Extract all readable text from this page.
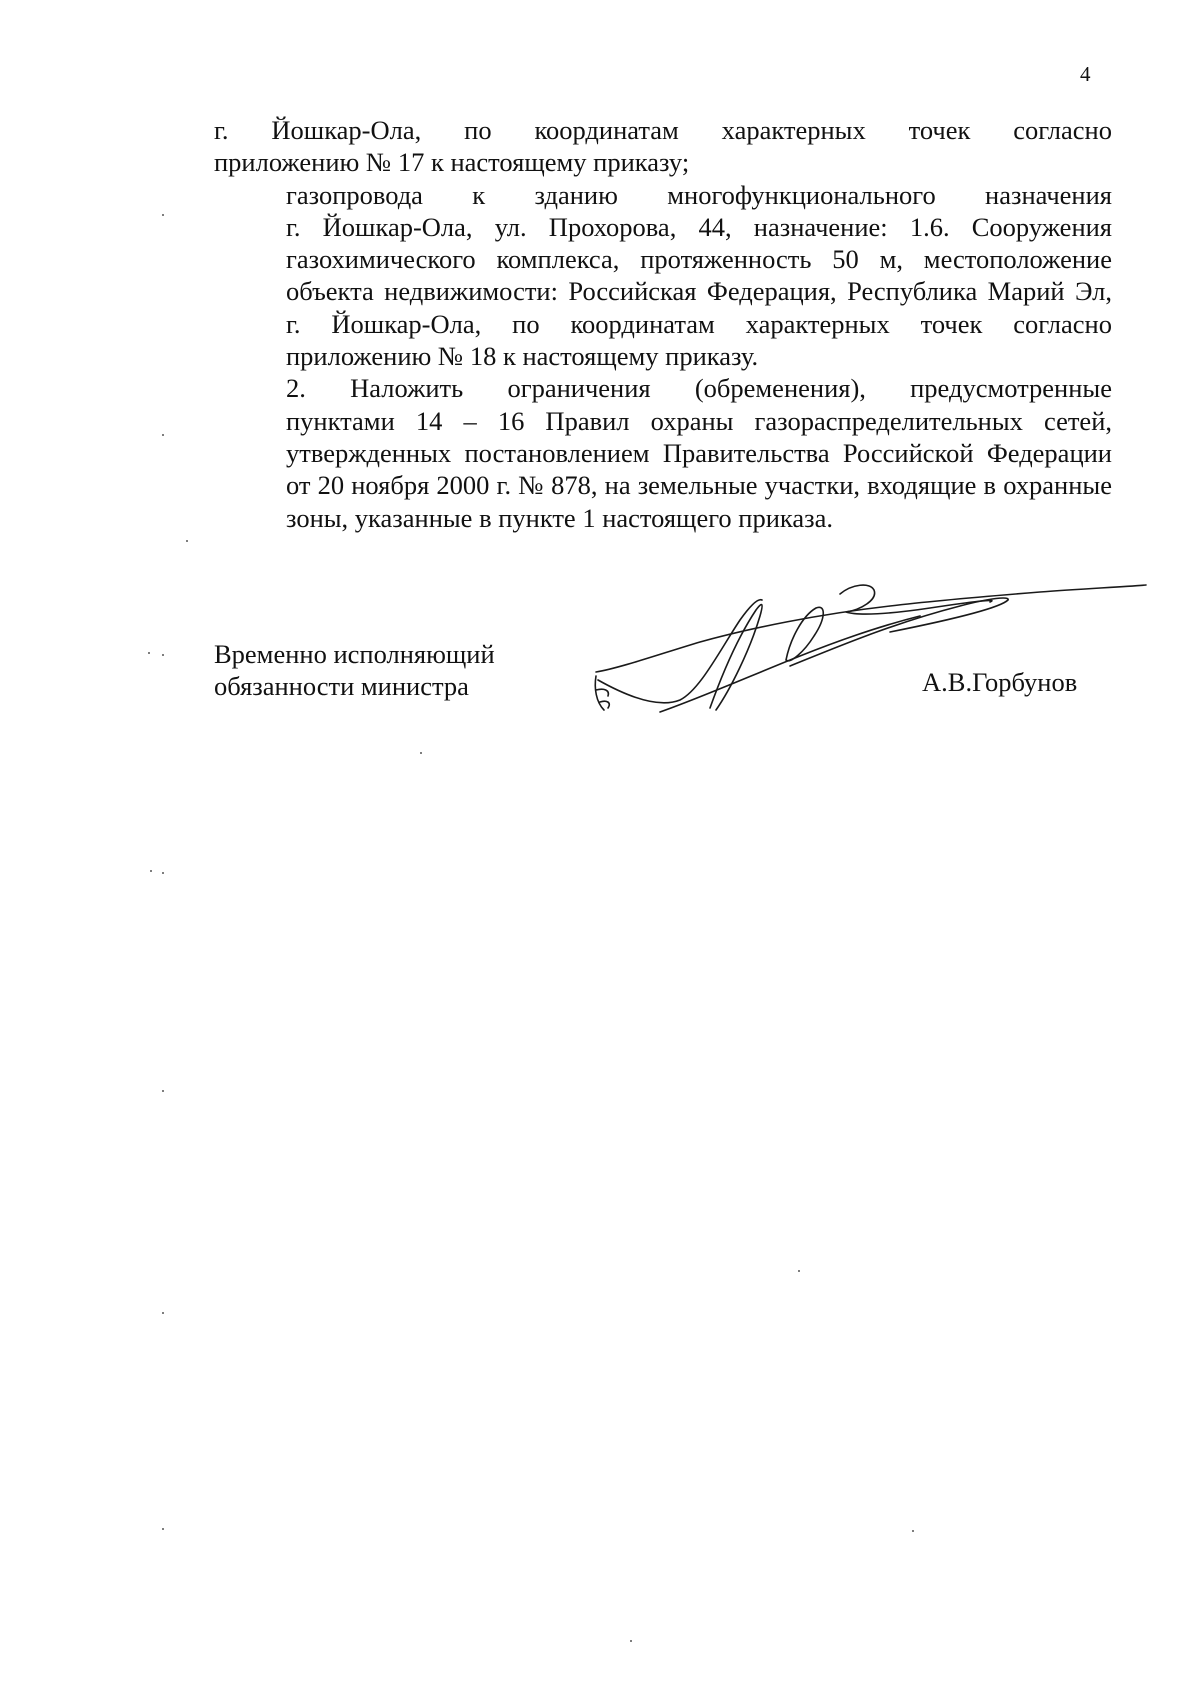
4

г. Йошкар-Ола, по координатам характерных точек согласно
приложению № 17 к настоящему приказу;

газопровода к зданию многофункционального назначения
г. Йошкар-Ола, ул. Прохорова, 44, назначение: 1.6. Сооружения
газохимического комплекса, протяженность 50 м, местоположение
объекта недвижимости: Российская Федерация, Республика Марий Эл,
г. Йошкар-Ола, по координатам характерных точек согласно
приложению № 18 к настоящему приказу.

2. Наложить ограничения (обременения), предусмотренные
пунктами 14 – 16 Правил охраны газораспределительных сетей,
утвержденных постановлением Правительства Российской Федерации
от 20 ноября 2000 г. № 878, на земельные участки, входящие в охранные
зоны, указанные в пункте 1 настоящего приказа.

Временно исполняющий
обязанности министра	А.В.Горбунов
